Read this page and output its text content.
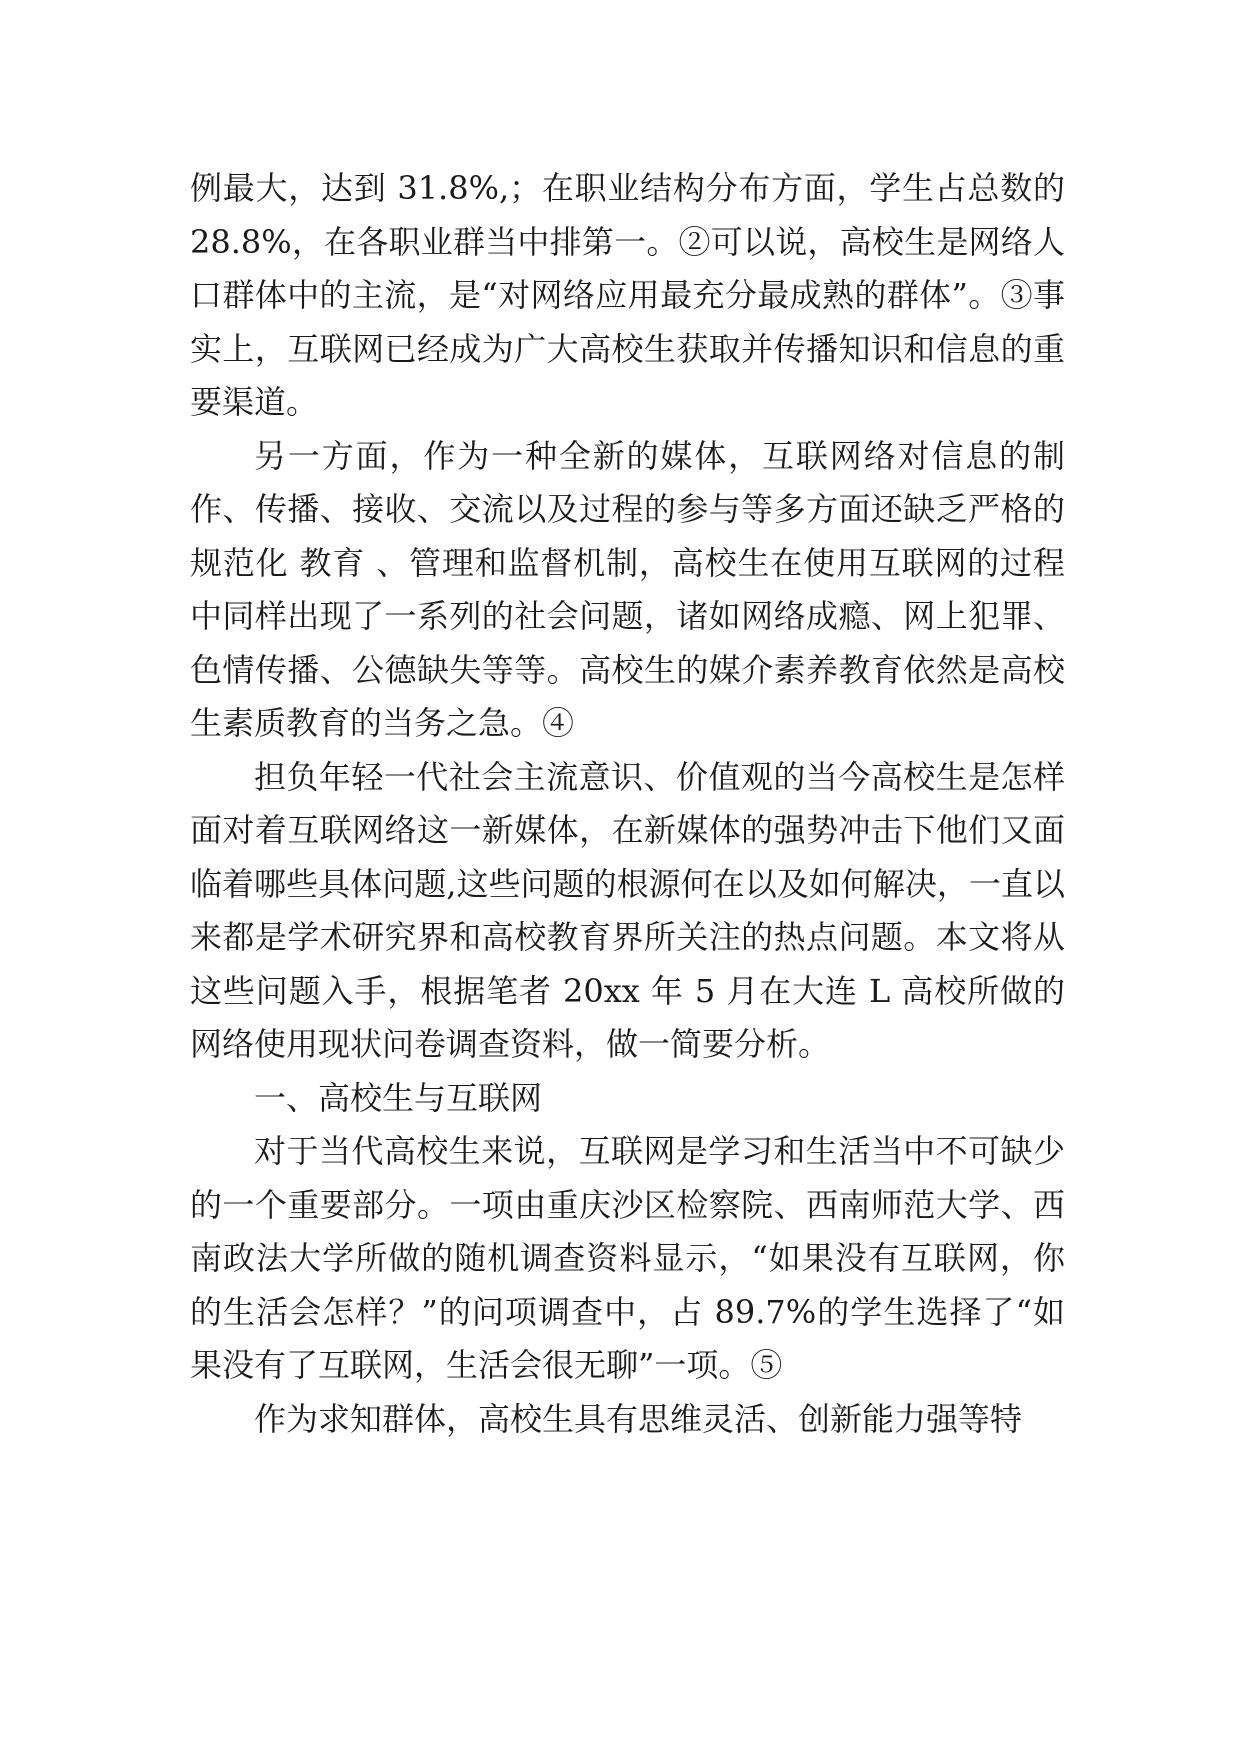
例最大，达到 31.8%,；在职业结构分布方面，学生占总数的 28.8%，在各职业群当中排第一。②可以说，高校生是网络人口群体中的主流，是“对网络应用最充分最成熟的群体”。③事实上，互联网已经成为广大高校生获取并传播知识和信息的重要渠道。

另一方面，作为一种全新的媒体，互联网络对信息的制作、传播、接收、交流以及过程的参与等多方面还缺乏严格的规范化 教育 、管理和监督机制，高校生在使用互联网的过程中同样出现了一系列的社会问题，诸如网络成瘾、网上犯罪、色情传播、公德缺失等等。高校生的媒介素养教育依然是高校生素质教育的当务之急。④

担负年轻一代社会主流意识、价值观的当今高校生是怎样面对着互联网络这一新媒体，在新媒体的强势冲击下他们又面临着哪些具体问题,这些问题的根源何在以及如何解决，一直以来都是学术研究界和高校教育界所关注的热点问题。本文将从这些问题入手，根据笔者 20xx 年 5 月在大连 L 高校所做的网络使用现状问卷调查资料，做一简要分析。

一、高校生与互联网

对于当代高校生来说，互联网是学习和生活当中不可缺少的一个重要部分。一项由重庆沙区检察院、西南师范大学、西南政法大学所做的随机调查资料显示，“如果没有互联网，你的生活会怎样？”的问项调查中，占 89.7%的学生选择了“如果没有了互联网，生活会很无聊”一项。⑤

作为求知群体，高校生具有思维灵活、创新能力强等特
